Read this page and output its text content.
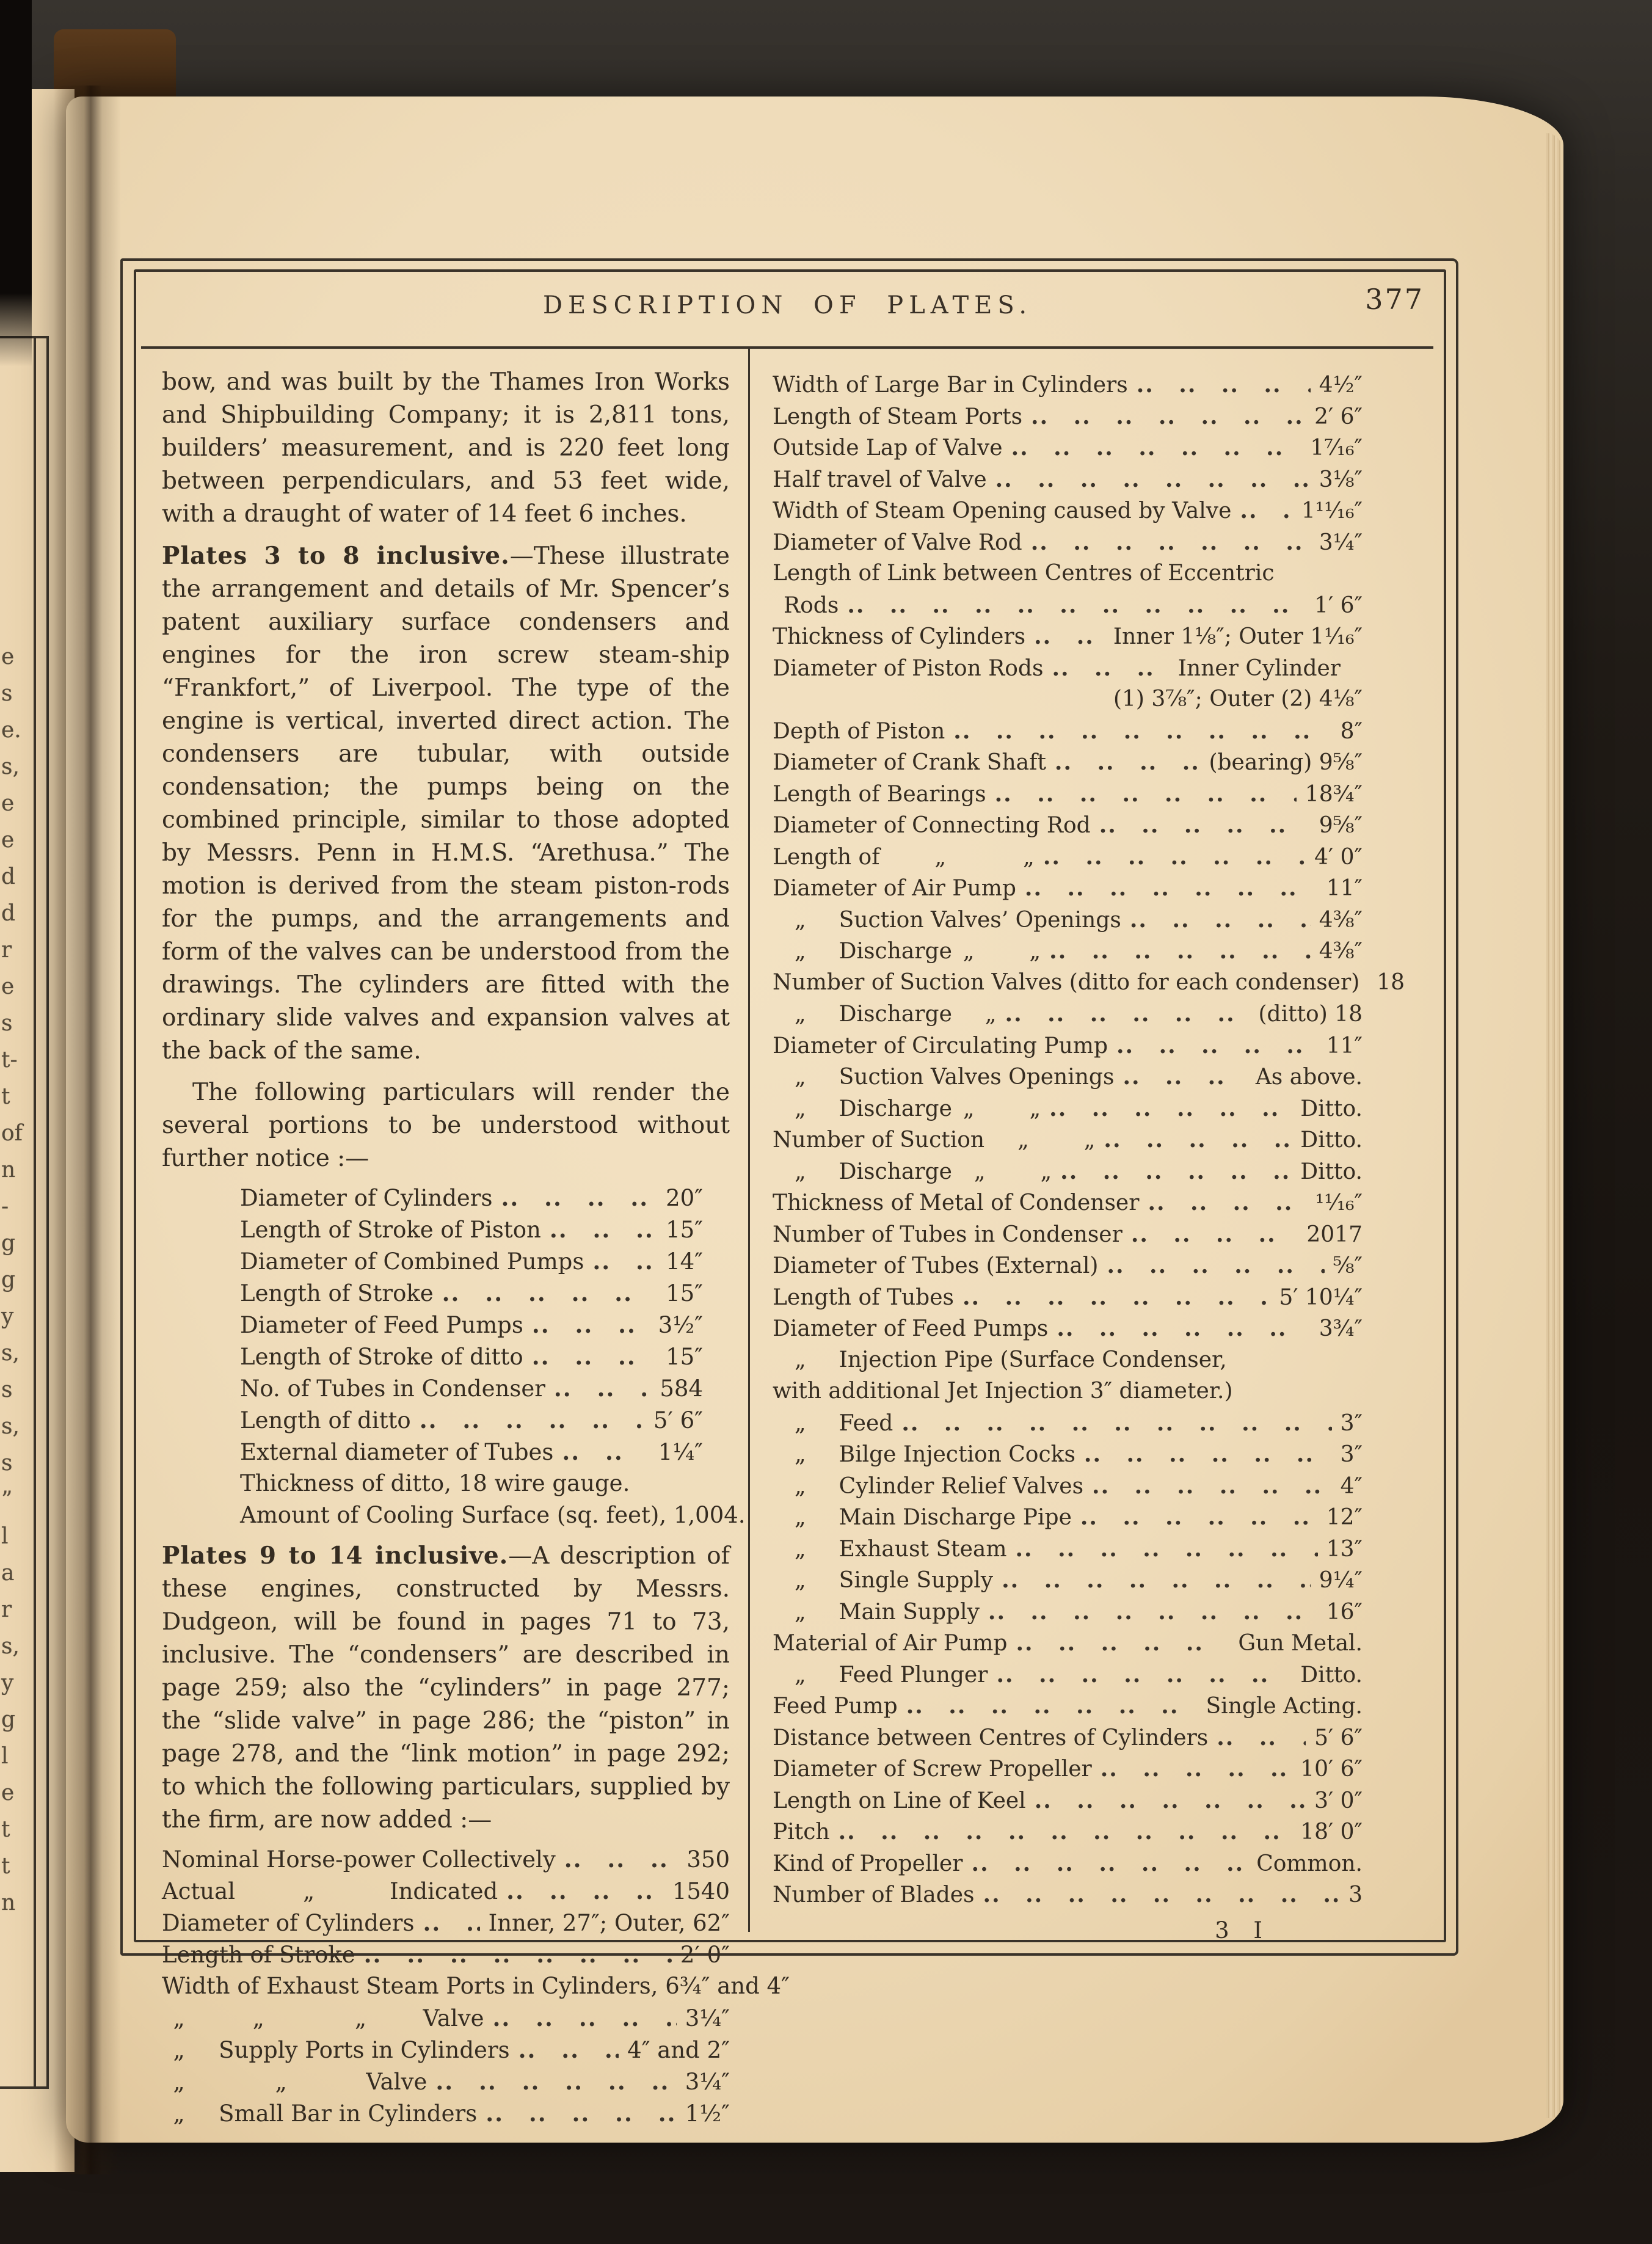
e
s
e.
s,
e
e
d
d
r
e
s
t-
t
of
n
-
g
g
y
s,
s
s,
s
”
l
a
r
s,
y
g
l
e
t
t
n
DESCRIPTION OF PLATES.	377

bow, and was built by the Thames Iron Works and Shipbuilding Company; it is 2,811 tons, builders’ measurement, and is 220 feet long between perpendiculars, and 53 feet wide, with a draught of water of 14 feet 6 inches.

Plates 3 to 8 inclusive.—These illustrate the arrangement and details of Mr. Spencer’s patent auxiliary surface condensers and engines for the iron screw steam-ship “Frankfort,” of Liverpool. The type of the engine is vertical, inverted direct action. The condensers are tubular, with outside condensation; the pumps being on the combined principle, similar to those adopted by Messrs. Penn in H.M.S. “Arethusa.” The motion is derived from the steam piston-rods for the pumps, and the arrangements and form of the valves can be understood from the drawings. The cylinders are fitted with the ordinary slide valves and expansion valves at the back of the same.

The following particulars will render the several portions to be understood without further notice :—

Diameter of Cylinders .. ..	20″
Length of Stroke of Piston .. ..	15″
Diameter of Combined Pumps .. ..	14″
Length of Stroke .. ..	15″
Diameter of Feed Pumps .. ..	3½″
Length of Stroke of ditto .. ..	15″
No. of Tubes in Condenser .. ..	584
Length of ditto .. ..	5′ 6″
External diameter of Tubes .. ..	1¼″
Thickness of ditto, 18 wire gauge.
Amount of Cooling Surface (sq. feet), 1,004.

Plates 9 to 14 inclusive.—A description of these engines, constructed by Messrs. Dudgeon, will be found in pages 71 to 73, inclusive. The “condensers” are described in page 259; also the “cylinders” in page 277; the “slide valve” in page 286; the “piston” in page 278, and the “link motion” in page 292; to which the following particulars, supplied by the firm, are now added :—

Nominal Horse-power Collectively .. ..	350
Actual   „    Indicated .. ..	1540
Diameter of Cylinders .. ..	Inner, 27″; Outer, 62″
Length of Stroke .. ..	2′ 0″
Width of Exhaust Steam Ports in Cylinders, 6¾″ and 4″
 „   „    „   Valve .. ..	3¼″
 „  Supply Ports in Cylinders .. ..	4″ and 2″
 „    „    Valve .. ..	3¼″
 „  Small Bar in Cylinders .. ..	1½″
Width of Large Bar in Cylinders .. ..	4½″
Length of Steam Ports .. ..	2′ 6″
Outside Lap of Valve .. ..	1⁷⁄₁₆″
Half travel of Valve .. ..	3⅛″
Width of Steam Opening caused by Valve .. ..	1¹¹⁄₁₆″
Diameter of Valve Rod .. ..	3¼″
Length of Link between Centres of Eccentric
 Rods .. ..	1′ 6″
Thickness of Cylinders .. ..	Inner 1⅛″; Outer 1¹⁄₁₆″
Diameter of Piston Rods .. ..	Inner Cylinder  
(1) 3⅞″; Outer (2) 4⅛″
Depth of Piston .. ..	8″
Diameter of Crank Shaft .. ..	(bearing) 9⅝″
Length of Bearings .. ..	18¾″
Diameter of Connecting Rod .. ..	9⅝″
Length of   „    „ .. ..	4′ 0″
Diameter of Air Pump .. ..	11″
 „  Suction Valves’ Openings .. ..	4⅜″
 „  Discharge „   „ .. ..	4⅜″
Number of Suction Valves (ditto for each condenser) 18
 „  Discharge  „ .. ..	(ditto) 18
Diameter of Circulating Pump .. ..	11″
 „  Suction Valves Openings .. ..	As above.
 „  Discharge „   „ .. ..	Ditto.
Number of Suction  „   „ .. ..	Ditto.
 „  Discharge „   „ .. ..	Ditto.
Thickness of Metal of Condenser .. ..	¹¹⁄₁₆″
Number of Tubes in Condenser .. ..	2017
Diameter of Tubes (External) .. ..	⅝″
Length of Tubes .. ..	5′ 10¼″
Diameter of Feed Pumps .. ..	3¾″
 „  Injection Pipe (Surface Condenser,
with additional Jet Injection 3″ diameter.)
 „  Feed .. ..	3″
 „  Bilge Injection Cocks .. ..	3″
 „  Cylinder Relief Valves .. ..	4″
 „  Main Discharge Pipe .. ..	12″
 „  Exhaust Steam .. ..	13″
 „  Single Supply .. ..	9¼″
 „  Main Supply .. ..	16″
Material of Air Pump .. ..	Gun Metal.
 „  Feed Plunger .. ..	Ditto.
Feed Pump .. ..	Single Acting.
Distance between Centres of Cylinders .. ..	5′ 6″
Diameter of Screw Propeller .. ..	10′ 6″
Length on Line of Keel .. ..	3′ 0″
Pitch .. ..	18′ 0″
Kind of Propeller .. ..	Common.
Number of Blades .. ..	3
3 I
